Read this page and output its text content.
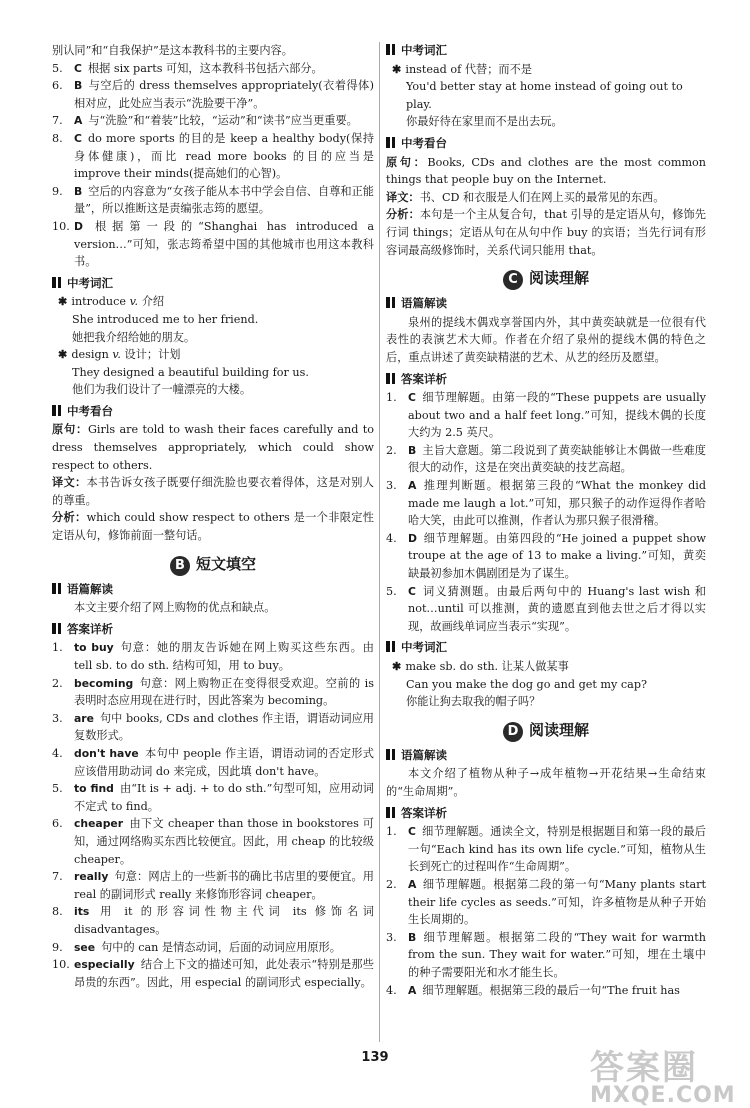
别认同”和“自我保护”是这本教科书的主要内容。

5. C 根据 six parts 可知，这本教科书包括六部分。

6. B 与空后的 dress themselves appropriately(衣着得体) 相对应，此处应当表示“洗脸要干净”。

7. A 与“洗脸”和“着装”比较，“运动”和“读书”应当更重要。

8. C do more sports 的目的是 keep a healthy body(保持身体健康)，而比 read more books 的目的应当是 improve their minds(提高她们的心智)。

9. B 空后的内容意为“女孩子能从本书中学会自信、自尊和正能量”，所以推断这是责编张志筠的愿望。

10. D 根据第一段的“Shanghai has introduced a version…”可知，张志筠希望中国的其他城市也用这本教科书。

中考词汇

✱ introduce v. 介绍

She introduced me to her friend.

她把我介绍给她的朋友。

✱ design v. 设计；计划

They designed a beautiful building for us.

他们为我们设计了一幢漂亮的大楼。

中考看台

原句：Girls are told to wash their faces carefully and to dress themselves appropriately, which could show respect to others.

译文：本书告诉女孩子既要仔细洗脸也要衣着得体，这是对别人的尊重。

分析：which could show respect to others 是一个非限定性定语从句，修饰前面一整句话。

B 短文填空
语篇解读

本文主要介绍了网上购物的优点和缺点。

答案详析

1. to buy 句意：她的朋友告诉她在网上购买这些东西。由 tell sb. to do sth. 结构可知，用 to buy。

2. becoming 句意：网上购物正在变得很受欢迎。空前的 is 表明时态应用现在进行时，因此答案为 becoming。

3. are 句中 books, CDs and clothes 作主语，谓语动词应用复数形式。

4. don't have 本句中 people 作主语，谓语动词的否定形式应该借用助动词 do 来完成，因此填 don't have。

5. to find 由“It is + adj. + to do sth.”句型可知，应用动词不定式 to find。

6. cheaper 由下文 cheaper than those in bookstores 可知，通过网络购买东西比较便宜。因此，用 cheap 的比较级 cheaper。

7. really 句意：网店上的一些新书的确比书店里的要便宜。用 real 的副词形式 really 来修饰形容词 cheaper。

8. its 用 it 的形容词性物主代词 its 修饰名词 disadvantages。

9. see 句中的 can 是情态动词，后面的动词应用原形。

10. especially 结合上下文的描述可知，此处表示“特别是那些昂贵的东西”。因此，用 especial 的副词形式 especially。

中考词汇

✱ instead of 代替；而不是

You'd better stay at home instead of going out to play.

你最好待在家里而不是出去玩。

中考看台

原句：Books, CDs and clothes are the most common things that people buy on the Internet.

译文：书、CD 和衣服是人们在网上买的最常见的东西。

分析：本句是一个主从复合句，that 引导的是定语从句，修饰先行词 things；定语从句在从句中作 buy 的宾语；当先行词有形容词最高级修饰时，关系代词只能用 that。

C 阅读理解
语篇解读

泉州的提线木偶戏享誉国内外，其中黄奕缺就是一位很有代表性的表演艺术大师。作者在介绍了泉州的提线木偶的特色之后，重点讲述了黄奕缺精湛的艺术、从艺的经历及愿望。

答案详析

1. C 细节理解题。由第一段的“These puppets are usually about two and a half feet long.”可知，提线木偶的长度大约为 2.5 英尺。

2. B 主旨大意题。第二段说到了黄奕缺能够让木偶做一些难度很大的动作，这是在突出黄奕缺的技艺高超。

3. A 推理判断题。根据第三段的“What the monkey did made me laugh a lot.”可知，那只猴子的动作逗得作者哈哈大笑，由此可以推测，作者认为那只猴子很滑稽。

4. D 细节理解题。由第四段的“He joined a puppet show troupe at the age of 13 to make a living.”可知，黄奕缺最初参加木偶剧团是为了谋生。

5. C 词义猜测题。由最后两句中的 Huang's last wish 和 not…until 可以推测，黄的遗愿直到他去世之后才得以实现，故画线单词应当表示“实现”。

中考词汇

✱ make sb. do sth. 让某人做某事

Can you make the dog go and get my cap?

你能让狗去取我的帽子吗？

D 阅读理解
语篇解读

本文介绍了植物从种子→成年植物→开花结果→生命结束的“生命周期”。

答案详析

1. C 细节理解题。通读全文，特别是根据题目和第一段的最后一句“Each kind has its own life cycle.”可知，植物从生长到死亡的过程叫作“生命周期”。

2. A 细节理解题。根据第二段的第一句“Many plants start their life cycles as seeds.”可知，许多植物是从种子开始生长周期的。

3. B 细节理解题。根据第二段的“They wait for warmth from the sun. They wait for water.”可知，埋在土壤中的种子需要阳光和水才能生长。

4. A 细节理解题。根据第三段的最后一句“The fruit has

139	答案圈
MXQE.COM
